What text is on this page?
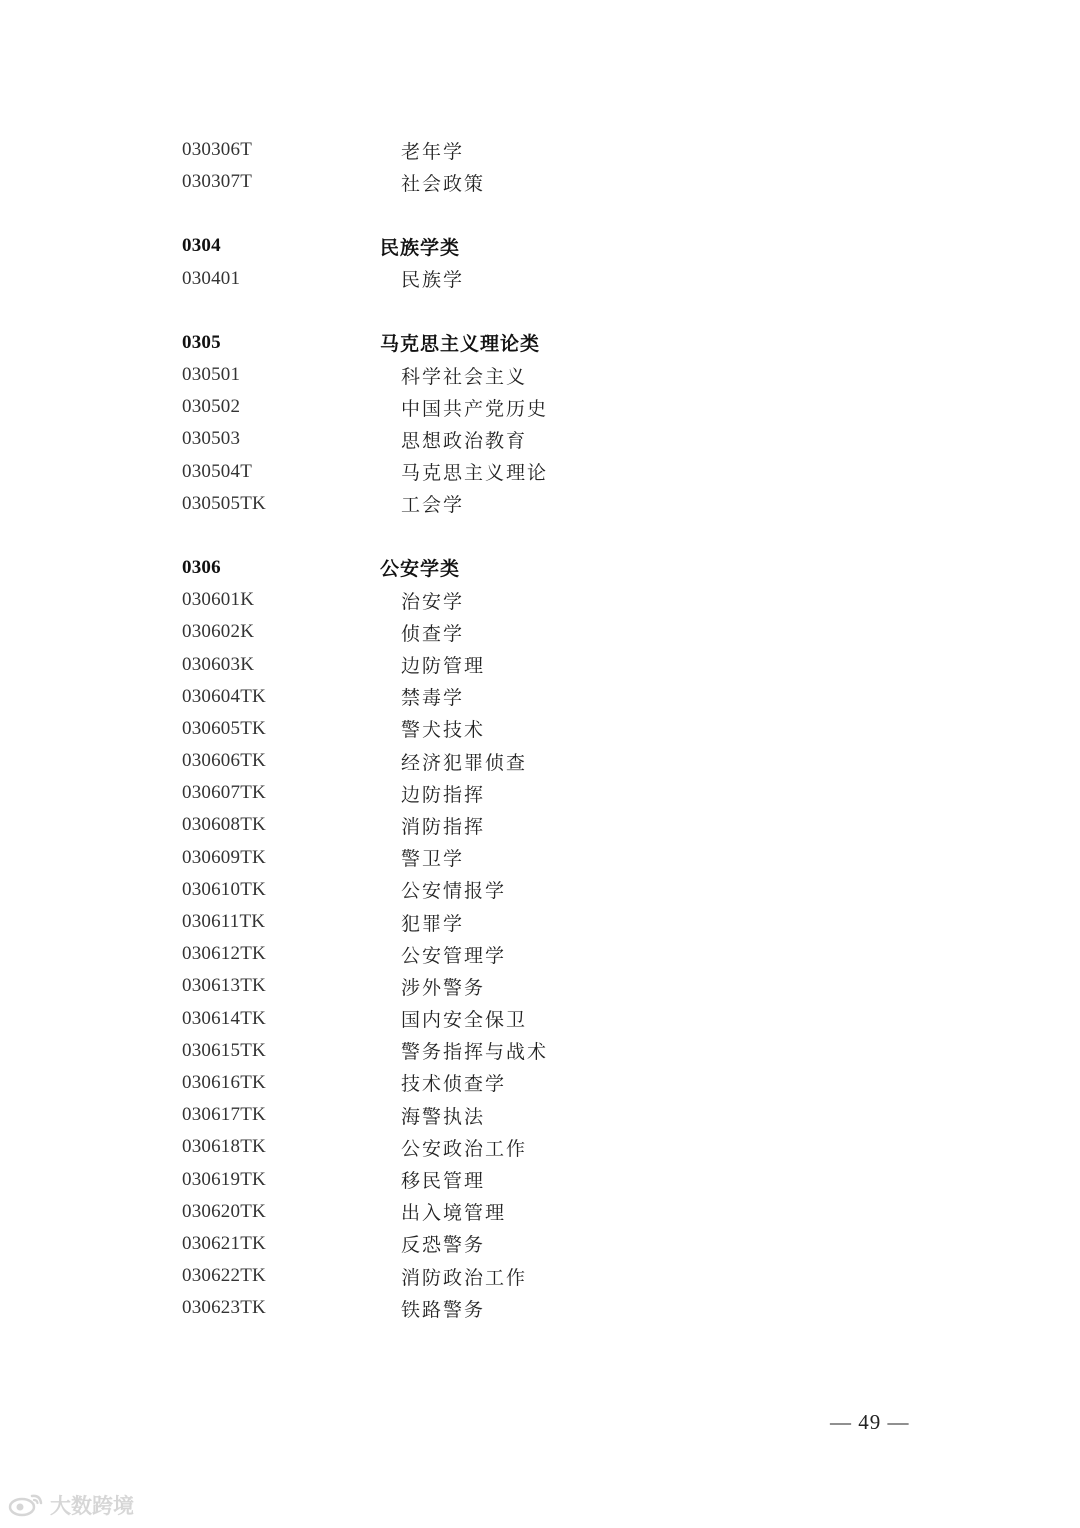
030306T	老年学
030307T	社会政策
0304	民族学类
030401	民族学
0305	马克思主义理论类
030501	科学社会主义
030502	中国共产党历史
030503	思想政治教育
030504T	马克思主义理论
030505TK	工会学
0306	公安学类
030601K	治安学
030602K	侦查学
030603K	边防管理
030604TK	禁毒学
030605TK	警犬技术
030606TK	经济犯罪侦查
030607TK	边防指挥
030608TK	消防指挥
030609TK	警卫学
030610TK	公安情报学
030611TK	犯罪学
030612TK	公安管理学
030613TK	涉外警务
030614TK	国内安全保卫
030615TK	警务指挥与战术
030616TK	技术侦查学
030617TK	海警执法
030618TK	公安政治工作
030619TK	移民管理
030620TK	出入境管理
030621TK	反恐警务
030622TK	消防政治工作
030623TK	铁路警务
— 49 —
大数跨境
